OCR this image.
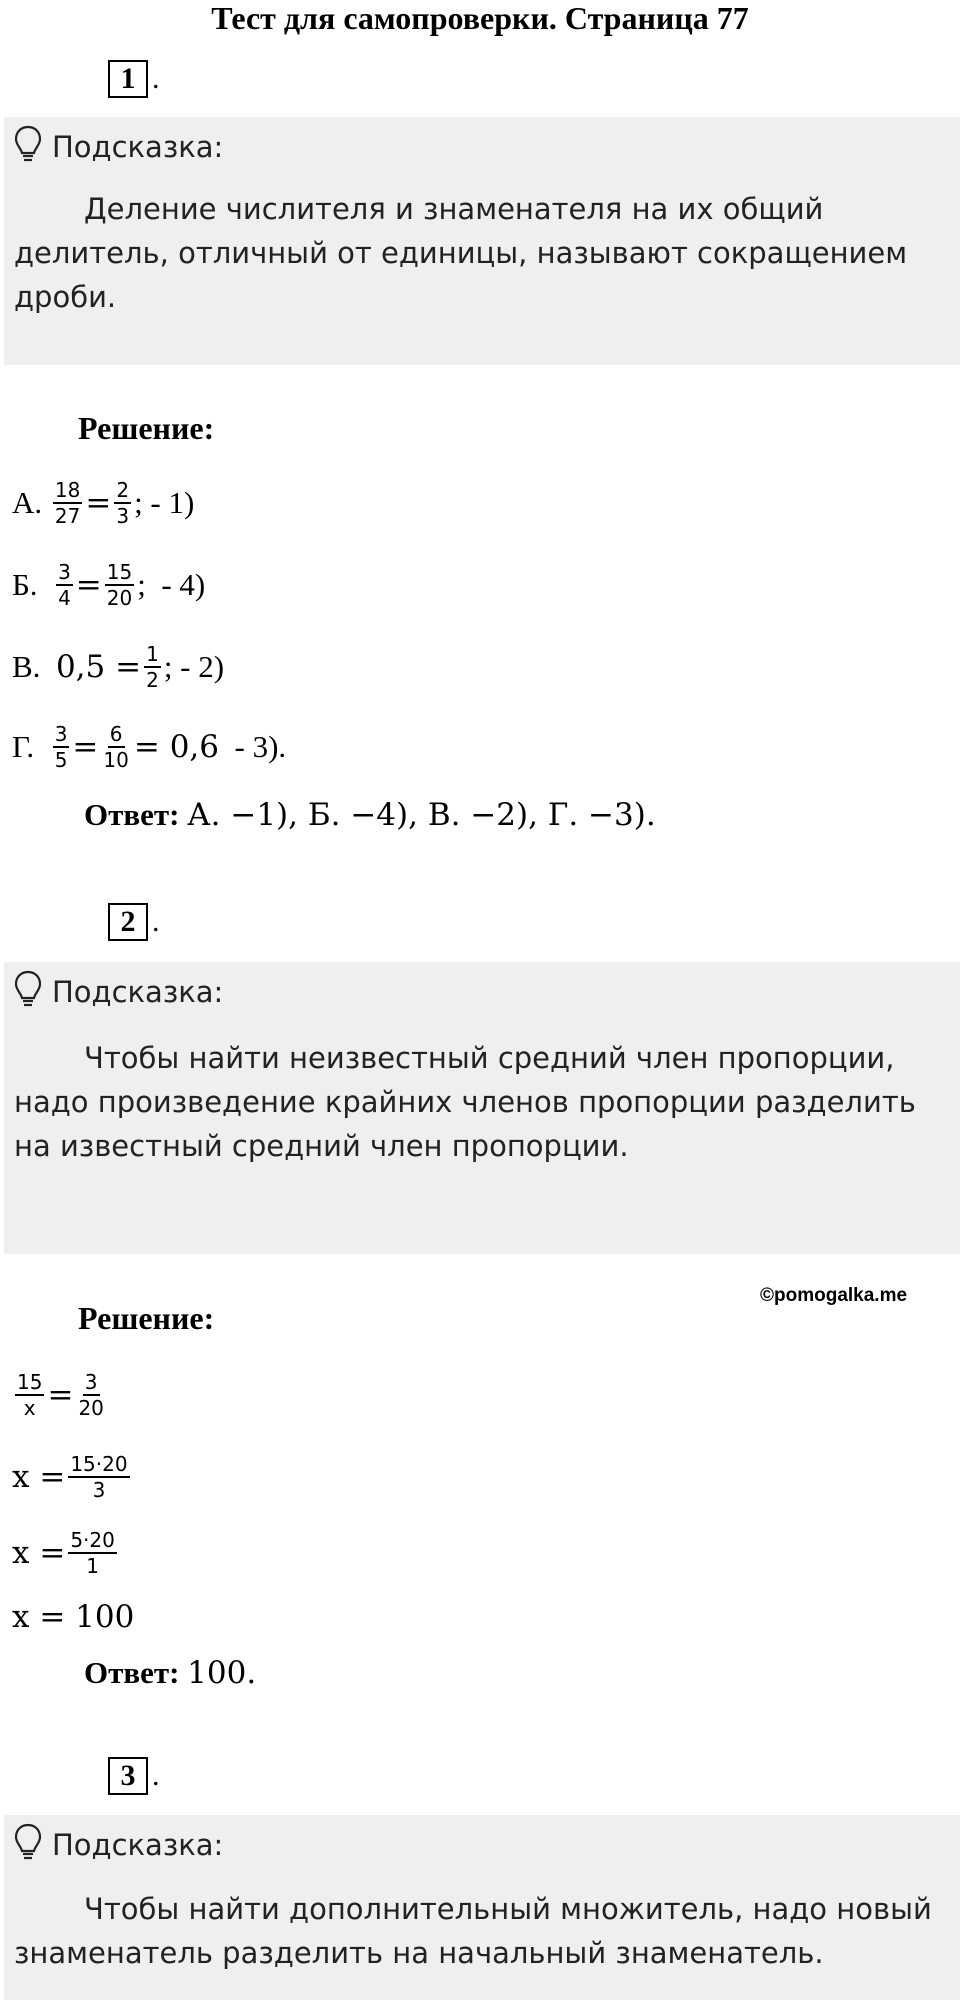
Тест для самопроверки. Страница 77
1 .
Подсказка:
Деление числителя и знаменателя на их общий делитель, отличный от единицы, называют сокращением дроби.
Решение:
А.
$\frac{18}{27} = \frac{2}{3}$ ; - 1)
Б.
$\frac{3}{4} = \frac{15}{20}$ ;  - 4)
В.
$0,5 = \frac{1}{2}$ ; - 2)
Г.
$\frac{3}{5} = \frac{6}{10} = 0,6 - 3$).
Ответ: А. −1), Б. −4), В. −2), Г. −3).
2 .
Подсказка:
Чтобы найти неизвестный средний член пропорции, надо произведение крайних членов пропорции разделить на известный средний член пропорции.
©pomogalka.me
Решение:
$\frac{15}{x} = \frac{3}{20}$
$x = \frac{15\cdot 20}{3}$
$x = \frac{5\cdot 20}{1}$
x = 100
Ответ: 100.
3 .
Подсказка:
Чтобы найти дополнительный множитель, надо новый знаменатель разделить на начальный знаменатель.
